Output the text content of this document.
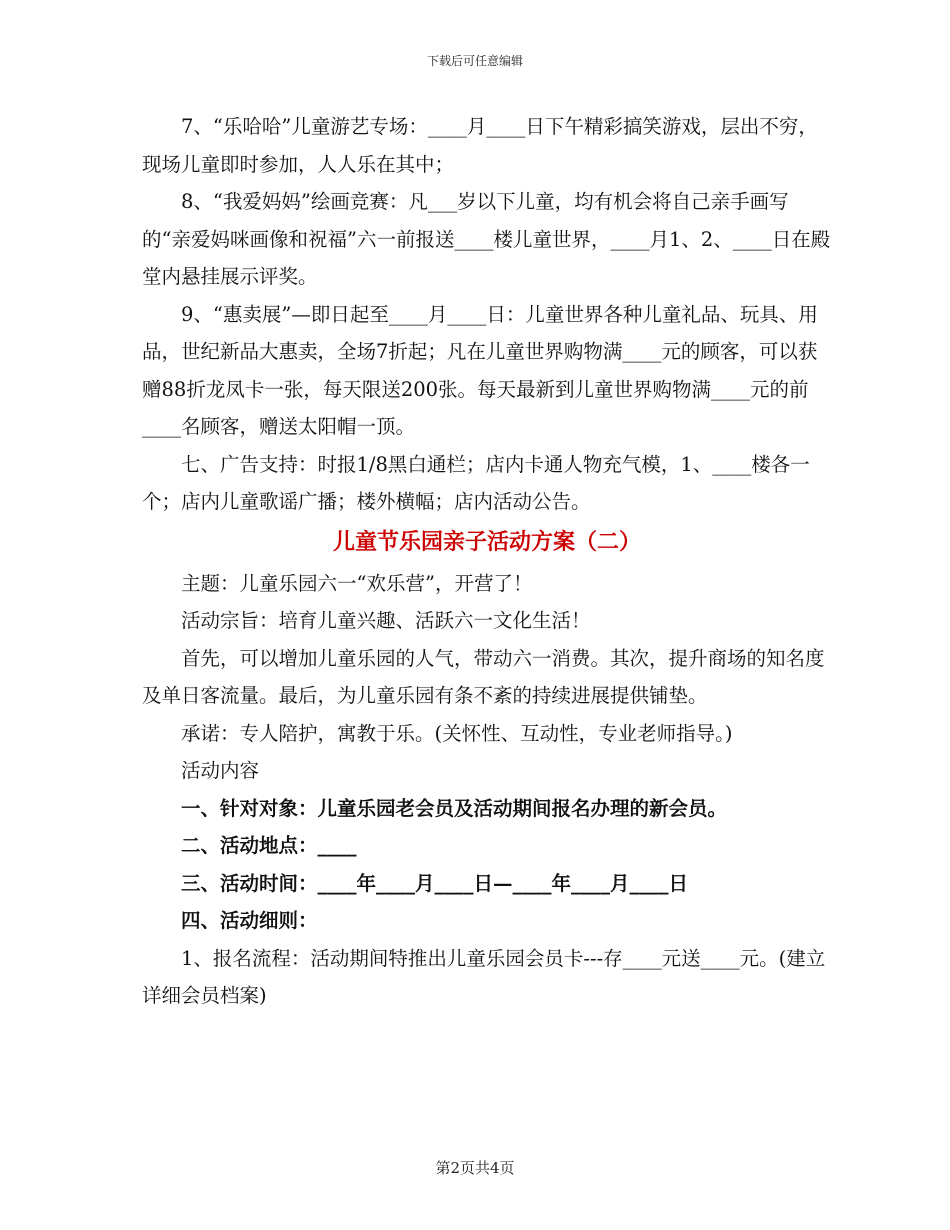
下载后可任意编辑

7、“乐哈哈”儿童游艺专场：____月____日下午精彩搞笑游戏，层出不穷，现场儿童即时参加，人人乐在其中；

8、“我爱妈妈”绘画竞赛：凡___岁以下儿童，均有机会将自己亲手画写的“亲爱妈咪画像和祝福”六一前报送____楼儿童世界，____月1、2、____日在殿堂内悬挂展示评奖。

9、“惠卖展”—即日起至____月____日：儿童世界各种儿童礼品、玩具、用品，世纪新品大惠卖，全场7折起；凡在儿童世界购物满____元的顾客，可以获赠88折龙凤卡一张，每天限送200张。每天最新到儿童世界购物满____元的前____名顾客，赠送太阳帽一顶。

七、广告支持：时报1/8黑白通栏；店内卡通人物充气模，1、____楼各一个；店内儿童歌谣广播；楼外横幅；店内活动公告。

儿童节乐园亲子活动方案（二）

主题：儿童乐园六一“欢乐营”，开营了！

活动宗旨：培育儿童兴趣、活跃六一文化生活！

首先，可以增加儿童乐园的人气，带动六一消费。其次，提升商场的知名度及单日客流量。最后，为儿童乐园有条不紊的持续进展提供铺垫。

承诺：专人陪护，寓教于乐。(关怀性、互动性，专业老师指导。)

活动内容

一、针对对象：儿童乐园老会员及活动期间报名办理的新会员。

二、活动地点：____

三、活动时间：____年____月____日—____年____月____日

四、活动细则：

1、报名流程：活动期间特推出儿童乐园会员卡---存____元送____元。(建立详细会员档案)

第2页共4页
